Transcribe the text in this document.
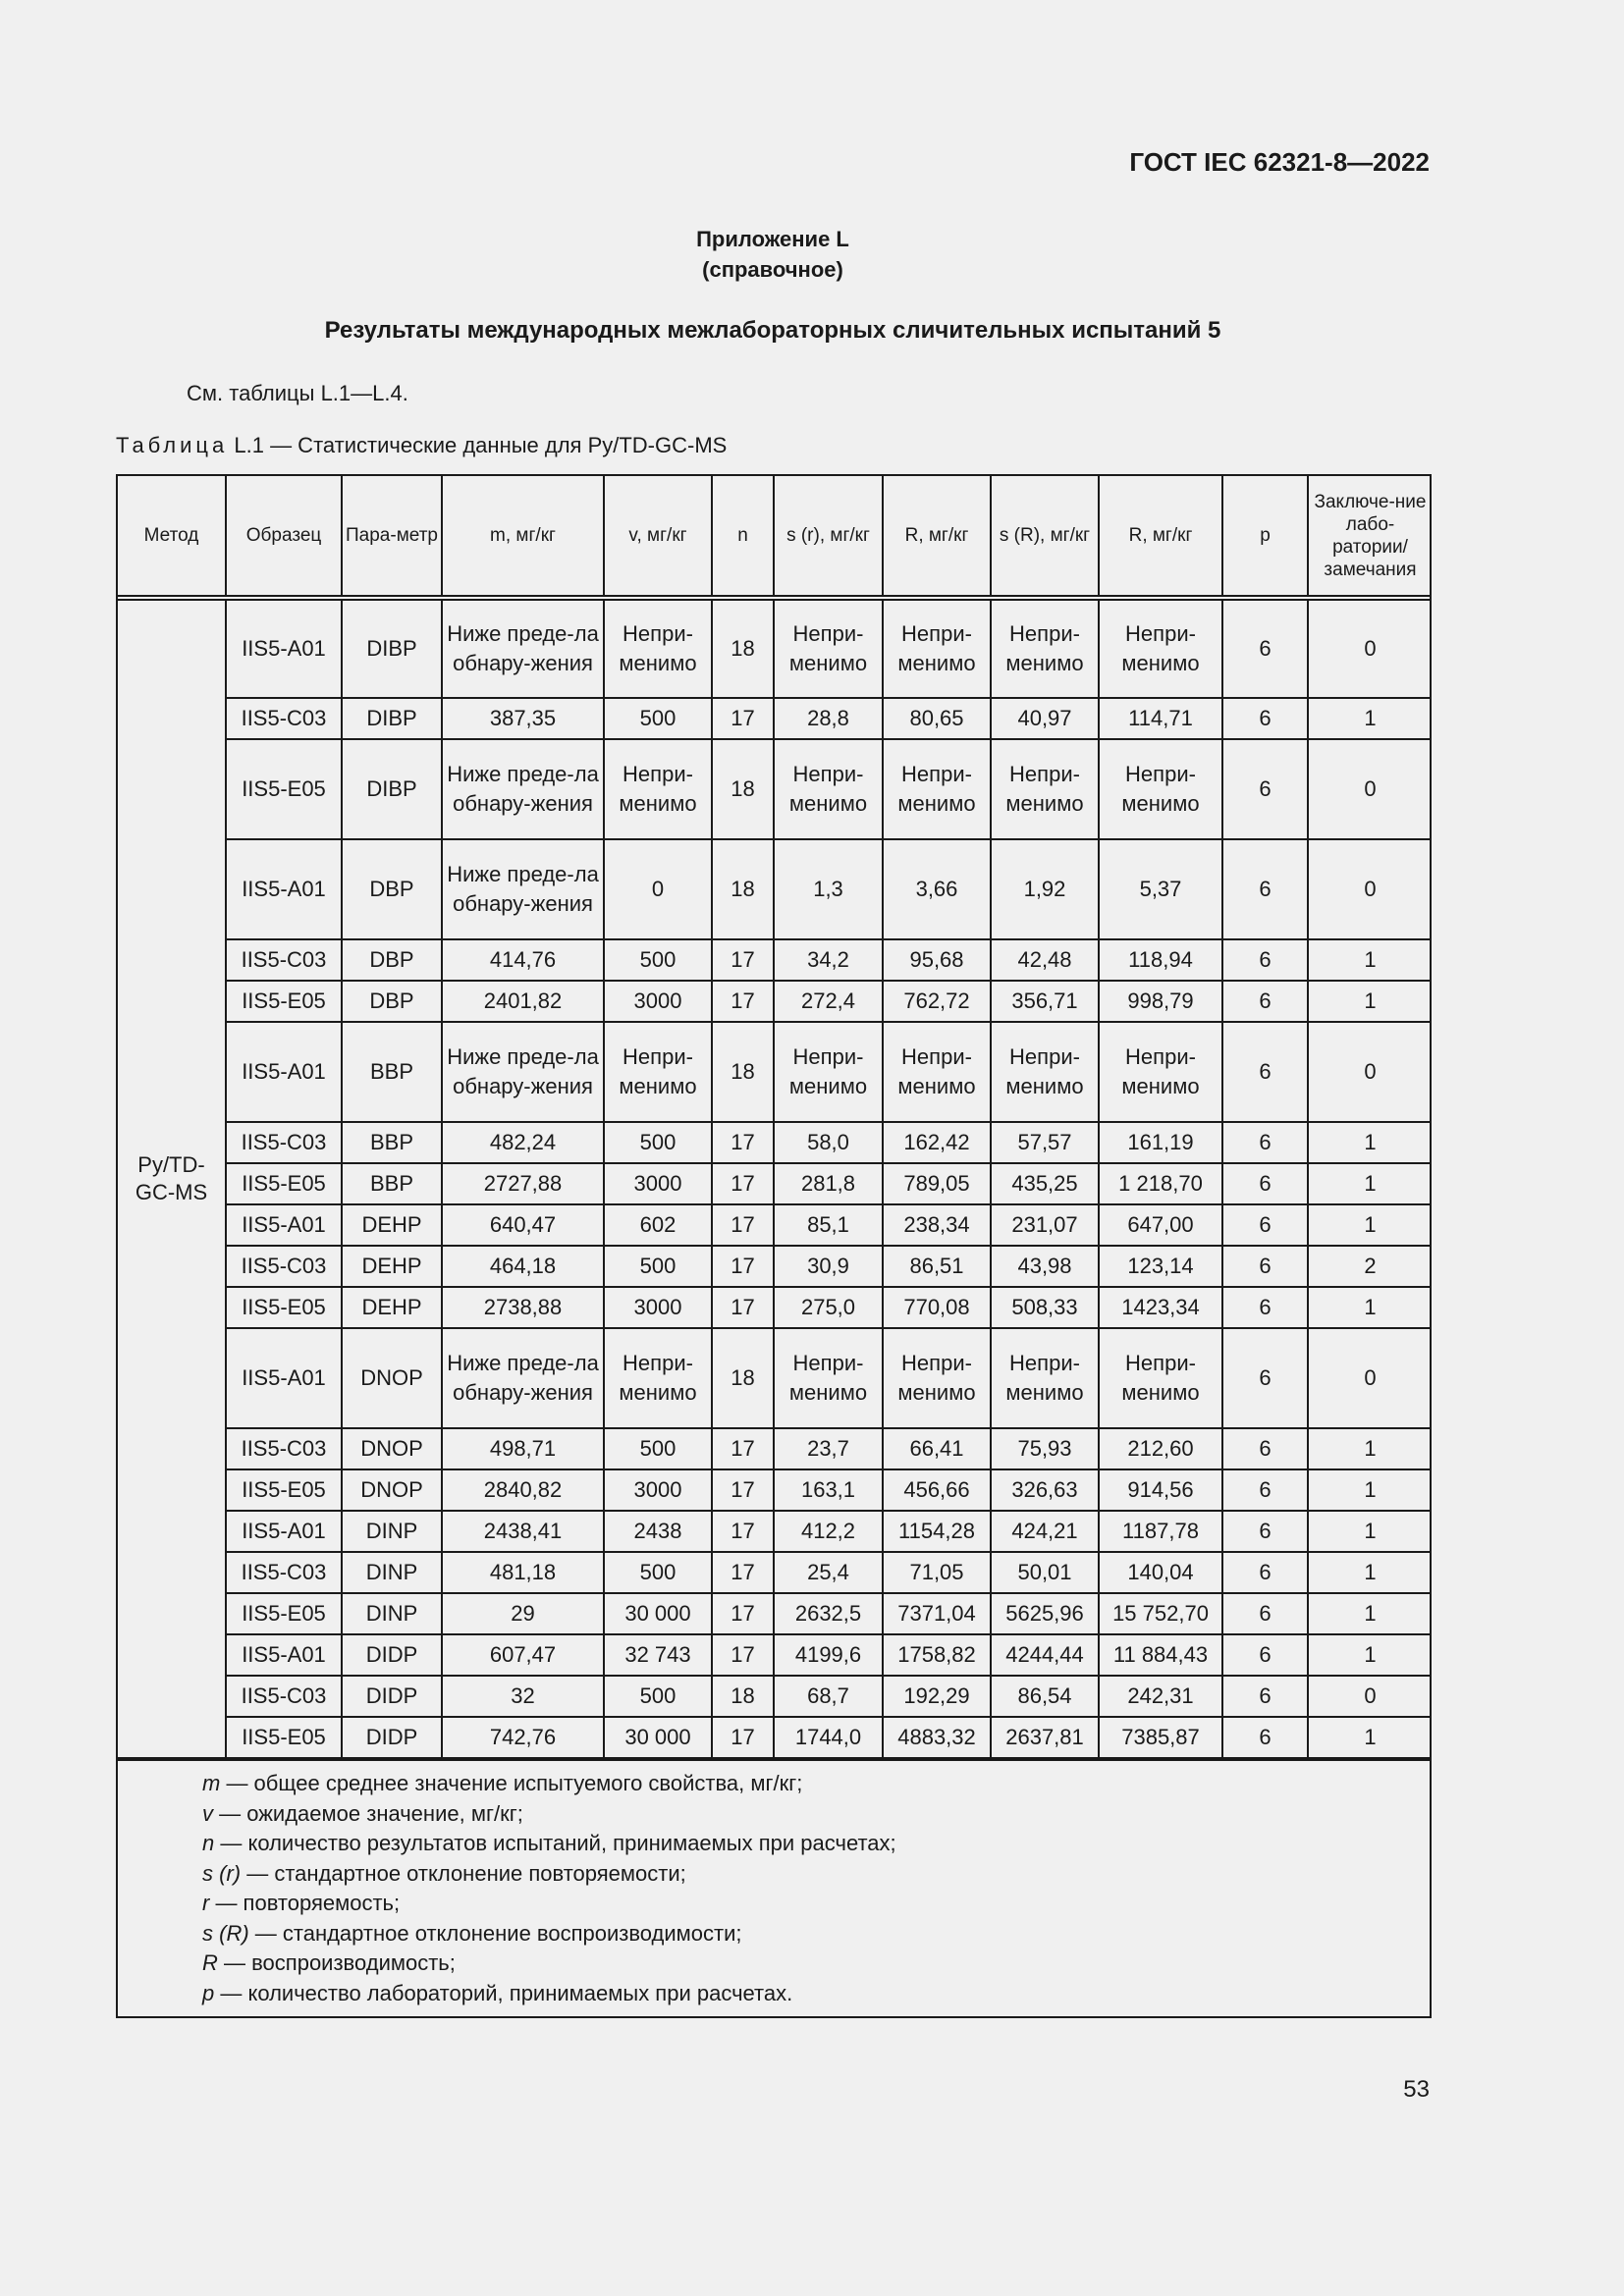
ГОСТ IEC 62321-8—2022
Приложение L
(справочное)
Результаты международных межлабораторных сличительных испытаний 5
См. таблицы L.1—L.4.
Таблица L.1 — Статистические данные для Py/TD-GC-MS
Метод	Образец	Пара-метр	m, мг/кг	v, мг/кг	n	s (r), мг/кг	R, мг/кг	s (R), мг/кг	R, мг/кг	p	Заключе-ние лабо-ратории/ замечания
Py/TD-GC-MS	IIS5-A01	DIBP	Ниже преде-ла обнару-жения	Непри-менимо	18	Непри-менимо	Непри-менимо	Непри-менимо	Непри-менимо	6	0
	IIS5-C03	DIBP	387,35	500	17	28,8	80,65	40,97	114,71	6	1
	IIS5-E05	DIBP	Ниже преде-ла обнару-жения	Непри-менимо	18	Непри-менимо	Непри-менимо	Непри-менимо	Непри-менимо	6	0
	IIS5-A01	DBP	Ниже преде-ла обнару-жения	0	18	1,3	3,66	1,92	5,37	6	0
	IIS5-C03	DBP	414,76	500	17	34,2	95,68	42,48	118,94	6	1
	IIS5-E05	DBP	2401,82	3000	17	272,4	762,72	356,71	998,79	6	1
	IIS5-A01	BBP	Ниже преде-ла обнару-жения	Непри-менимо	18	Непри-менимо	Непри-менимо	Непри-менимо	Непри-менимо	6	0
	IIS5-C03	BBP	482,24	500	17	58,0	162,42	57,57	161,19	6	1
	IIS5-E05	BBP	2727,88	3000	17	281,8	789,05	435,25	1 218,70	6	1
	IIS5-A01	DEHP	640,47	602	17	85,1	238,34	231,07	647,00	6	1
	IIS5-C03	DEHP	464,18	500	17	30,9	86,51	43,98	123,14	6	2
	IIS5-E05	DEHP	2738,88	3000	17	275,0	770,08	508,33	1423,34	6	1
	IIS5-A01	DNOP	Ниже преде-ла обнару-жения	Непри-менимо	18	Непри-менимо	Непри-менимо	Непри-менимо	Непри-менимо	6	0
	IIS5-C03	DNOP	498,71	500	17	23,7	66,41	75,93	212,60	6	1
	IIS5-E05	DNOP	2840,82	3000	17	163,1	456,66	326,63	914,56	6	1
	IIS5-A01	DINP	2438,41	2438	17	412,2	1154,28	424,21	1187,78	6	1
	IIS5-C03	DINP	481,18	500	17	25,4	71,05	50,01	140,04	6	1
	IIS5-E05	DINP	29	30 000	17	2632,5	7371,04	5625,96	15 752,70	6	1
	IIS5-A01	DIDP	607,47	32 743	17	4199,6	1758,82	4244,44	11 884,43	6	1
	IIS5-C03	DIDP	32	500	18	68,7	192,29	86,54	242,31	6	0
	IIS5-E05	DIDP	742,76	30 000	17	1744,0	4883,32	2637,81	7385,87	6	1
m — общее среднее значение испытуемого свойства, мг/кг;
v — ожидаемое значение, мг/кг;
n — количество результатов испытаний, принимаемых при расчетах;
s (r) — стандартное отклонение повторяемости;
r — повторяемость;
s (R) — стандартное отклонение воспроизводимости;
R — воспроизводимость;
p — количество лабораторий, принимаемых при расчетах.
53
